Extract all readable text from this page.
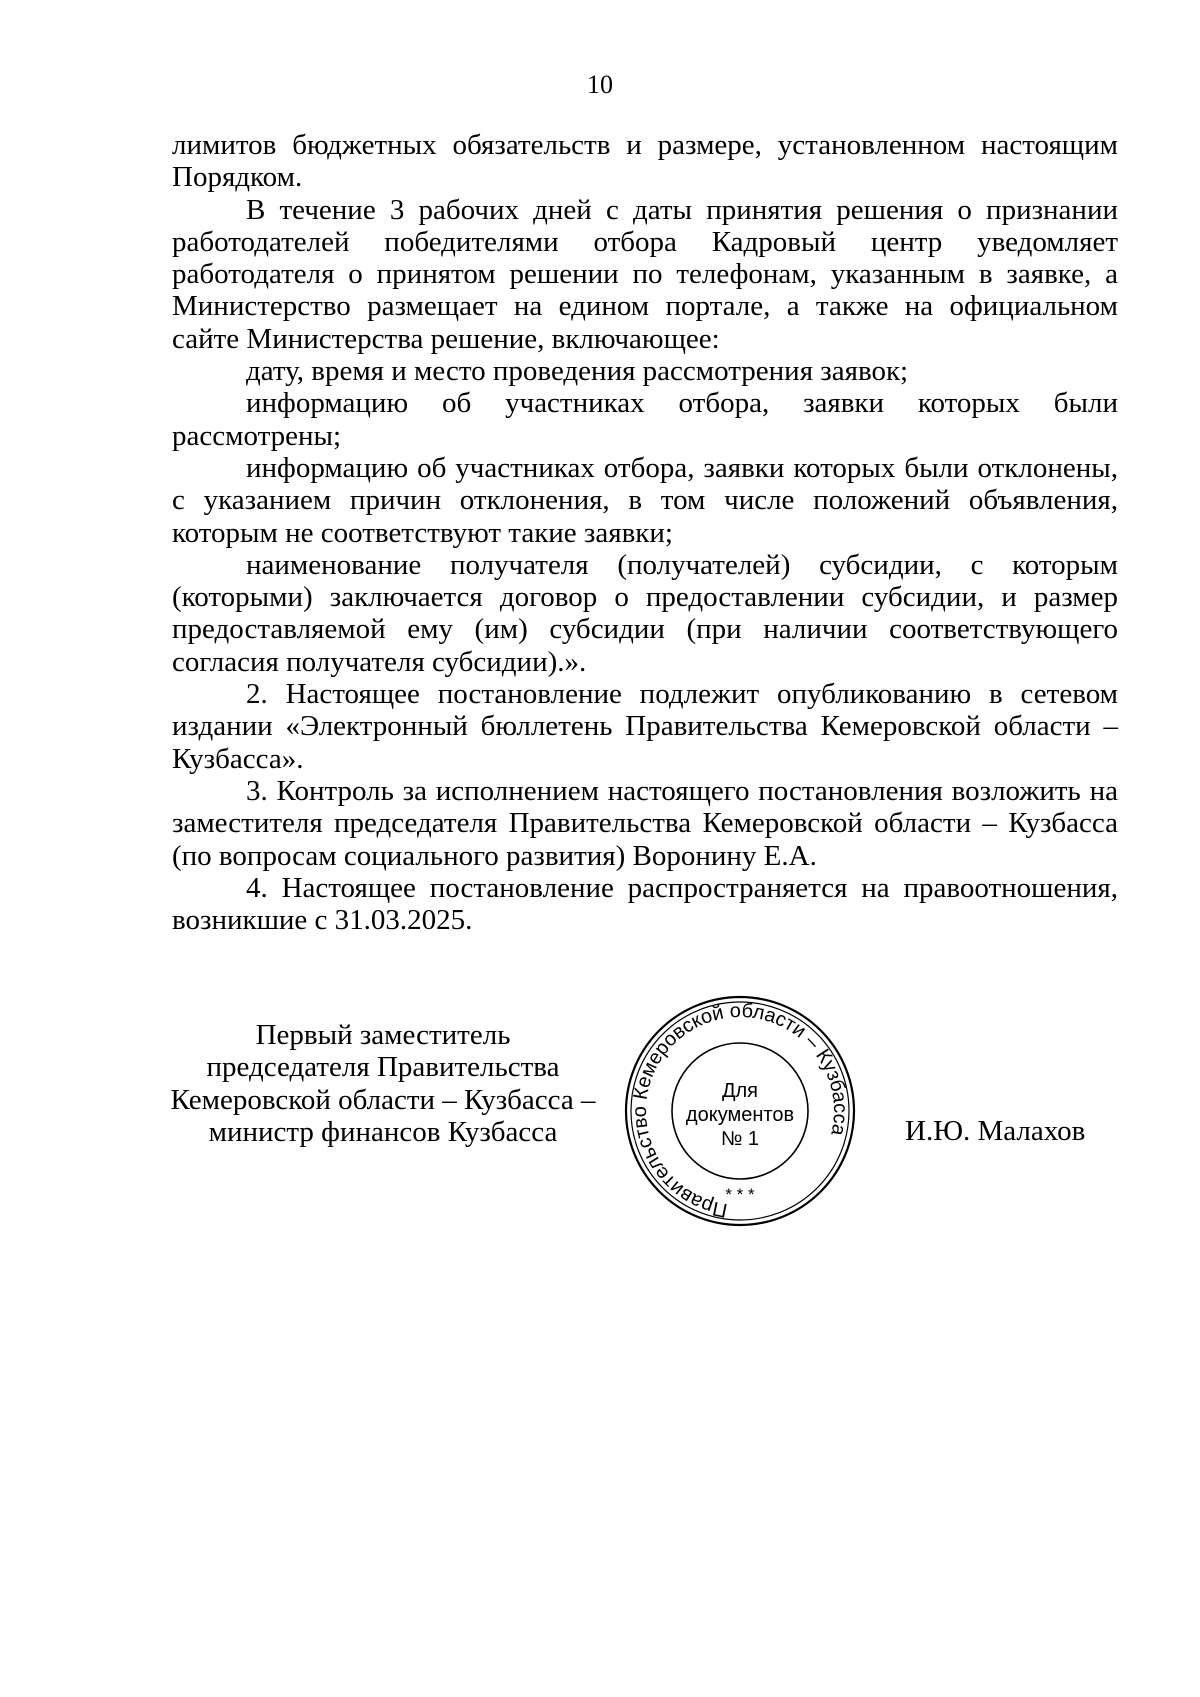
10

лимитов бюджетных обязательств и размере, установленном настоящим Порядком.

В течение 3 рабочих дней с даты принятия решения о признании работодателей победителями отбора Кадровый центр уведомляет работодателя о принятом решении по телефонам, указанным в заявке, а Министерство размещает на едином портале, а также на официальном сайте Министерства решение, включающее:

дату, время и место проведения рассмотрения заявок;

информацию об участниках отбора, заявки которых были рассмотрены;

информацию об участниках отбора, заявки которых были отклонены, с указанием причин отклонения, в том числе положений объявления, которым не соответствуют такие заявки;

наименование получателя (получателей) субсидии, с которым (которыми) заключается договор о предоставлении субсидии, и размер предоставляемой ему (им) субсидии (при наличии соответствующего согласия получателя субсидии).».

2. Настоящее постановление подлежит опубликованию в сетевом издании «Электронный бюллетень Правительства Кемеровской области – Кузбасса».

3. Контроль за исполнением настоящего постановления возложить на заместителя председателя Правительства Кемеровской области – Кузбасса (по вопросам социального развития) Воронину Е.А.

4. Настоящее постановление распространяется на правоотношения, возникшие с 31.03.2025.

Первый заместитель
председателя Правительства
Кемеровской области – Кузбасса –
министр финансов Кузбасса
Правительство Кемеровской области – Кузбасса
Для
документов
№ 1
* * *
И.Ю. Малахов
